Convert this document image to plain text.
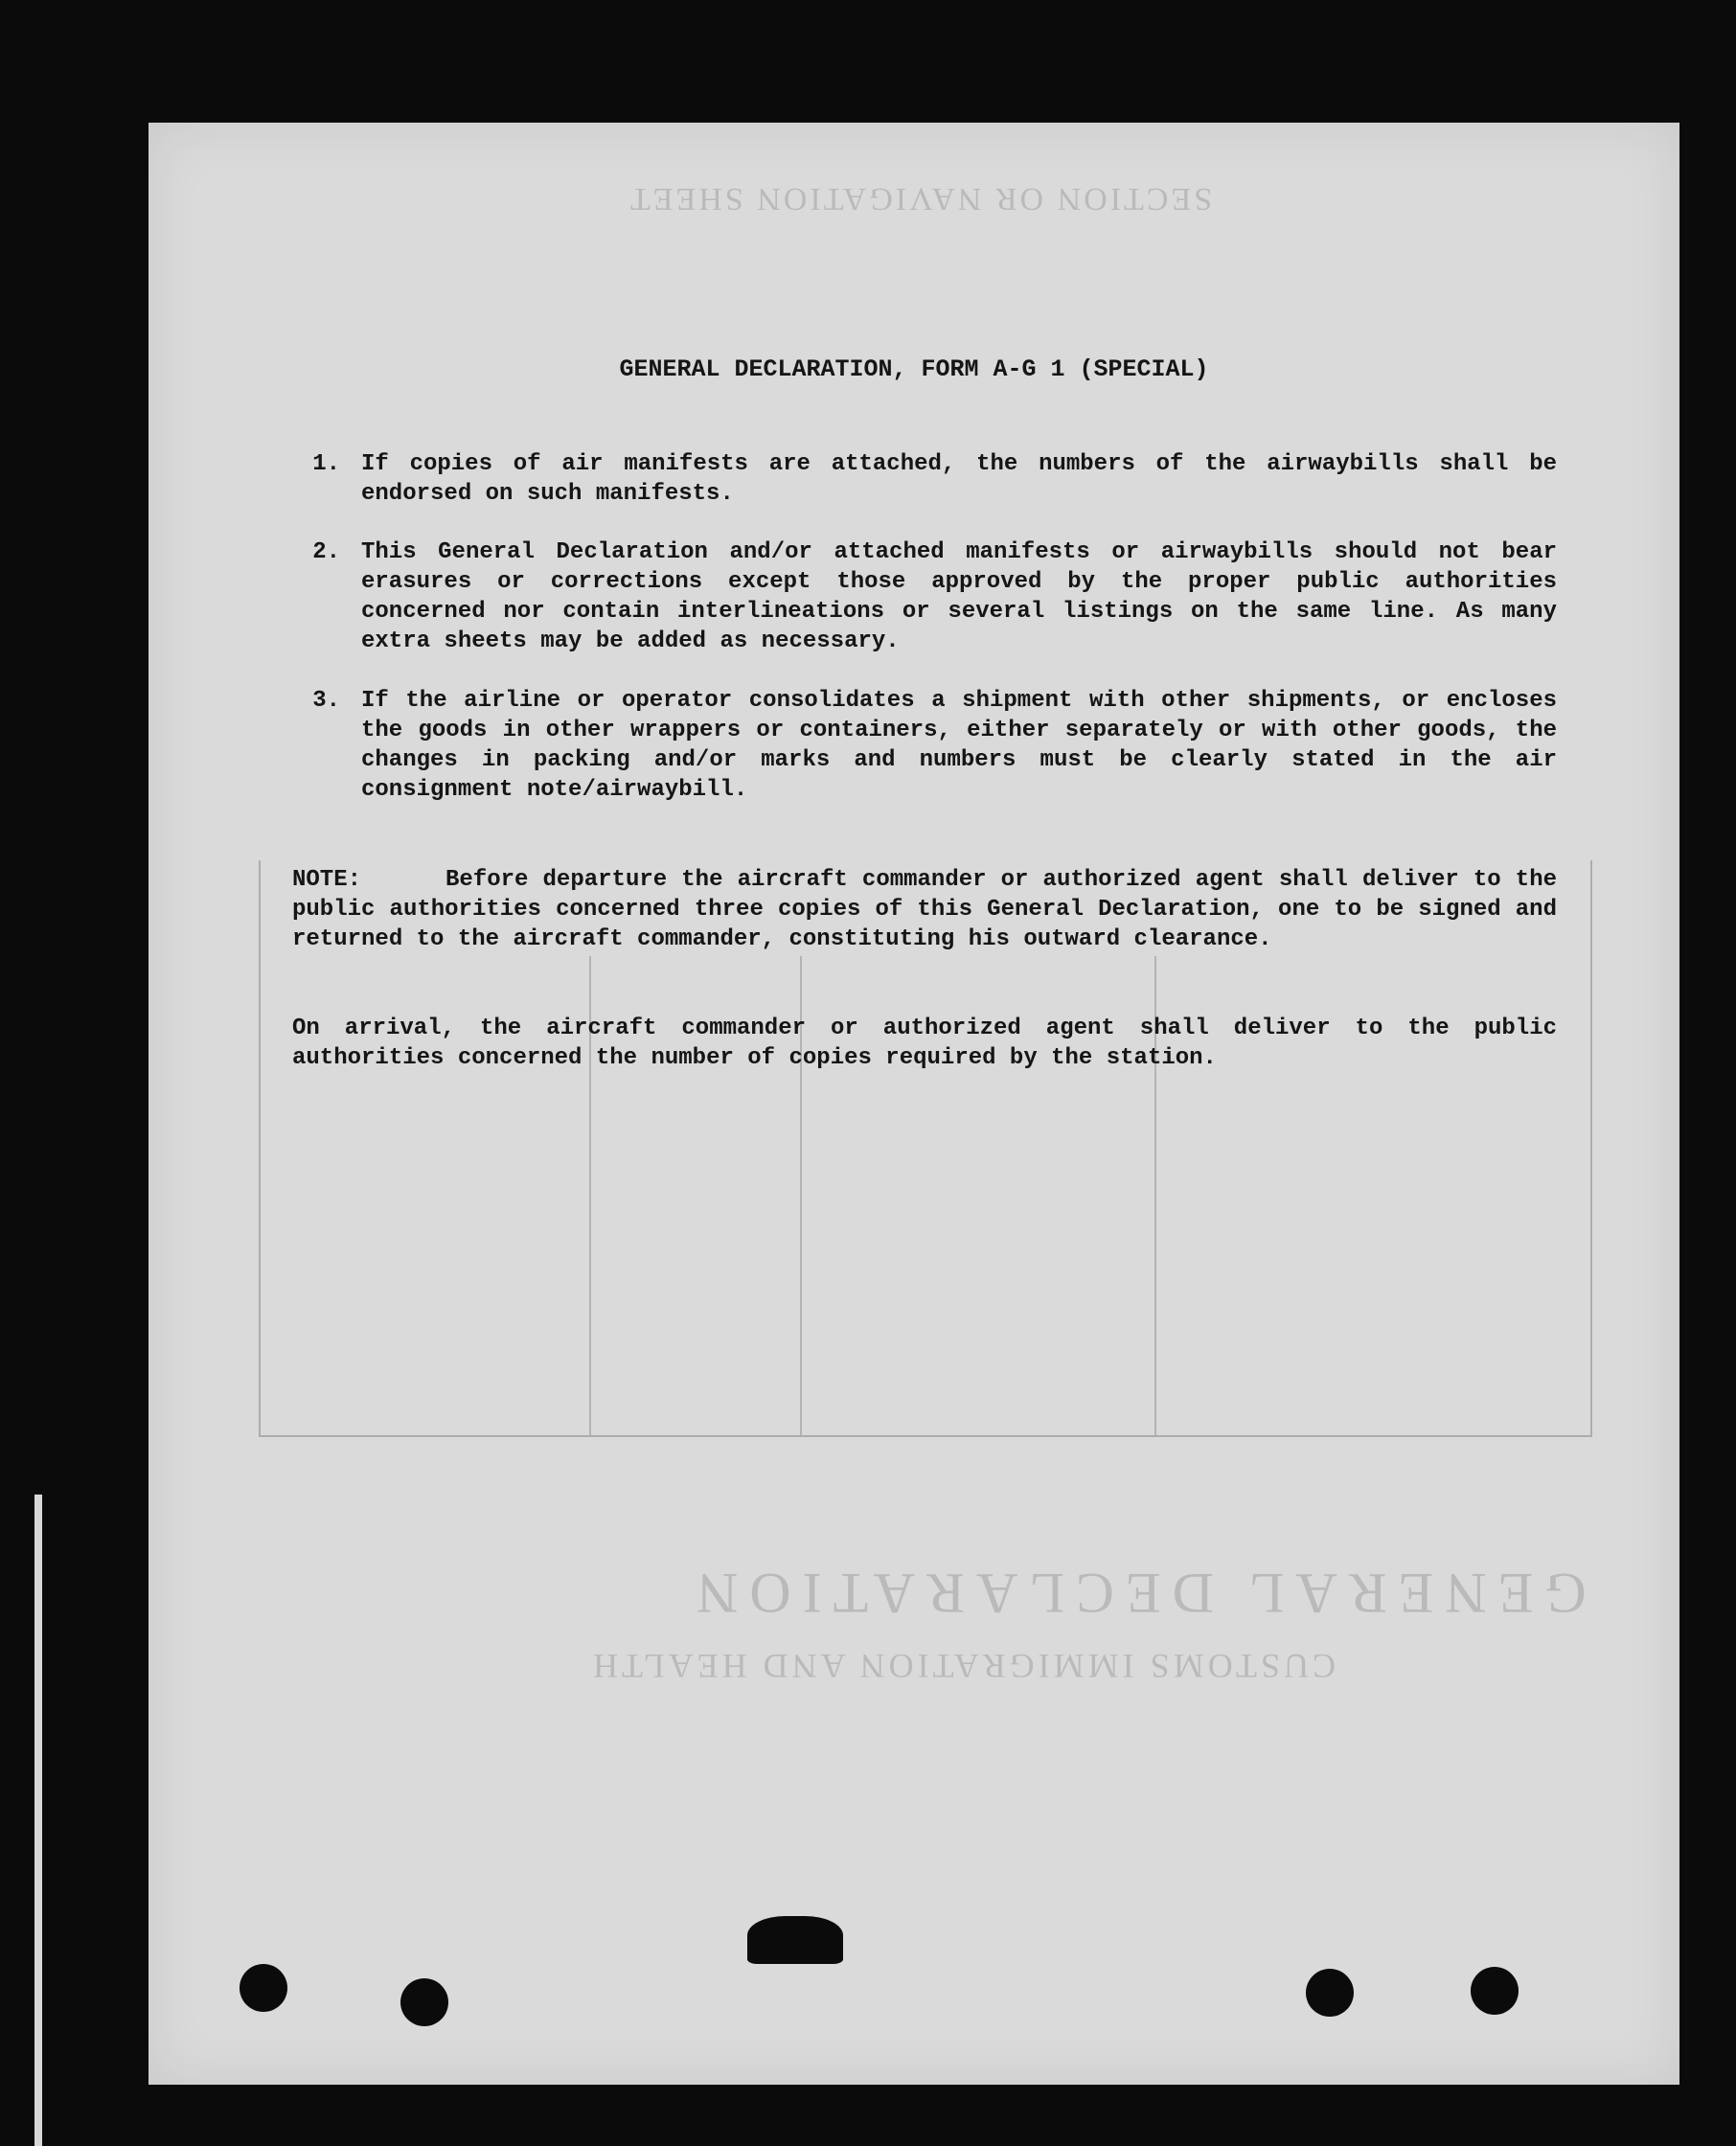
SECTION OR NAVIGATION SHEET
CUSTOMS IMMIGRATION AND HEALTH
GENERAL DECLARATION
GENERAL DECLARATION, FORM A-G 1 (SPECIAL)
1. If copies of air manifests are attached, the numbers of the airwaybills shall be endorsed on such manifests.
2. This General Declaration and/or attached manifests or airwaybills should not bear erasures or corrections except those approved by the proper public authorities concerned nor contain interlineations or several listings on the same line. As many extra sheets may be added as necessary.
3. If the airline or operator consolidates a shipment with other shipments, or encloses the goods in other wrappers or containers, either separately or with other goods, the changes in packing and/or marks and numbers must be clearly stated in the air consignment note/airwaybill.
NOTE:	Before departure the aircraft commander or authorized agent shall deliver to the public authorities concerned three copies of this General Declaration, one to be signed and returned to the aircraft commander, constituting his outward clearance.
On arrival, the aircraft commander or authorized agent shall deliver to the public authorities concerned the number of copies required by the station.
